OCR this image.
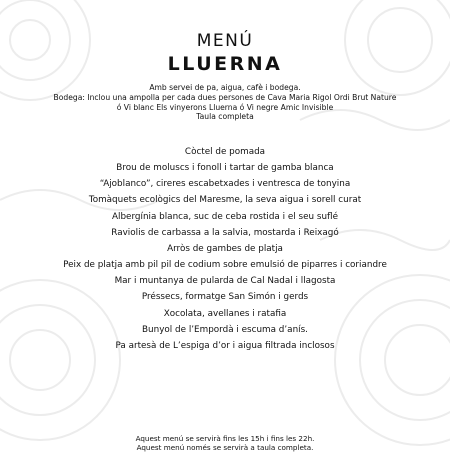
MENÚ
LLUERNA
Amb servei de pa, aigua, cafè i bodega.
Bodega: Inclou una ampolla per cada dues persones de Cava Maria Rigol Ordi Brut Nature
ó Vi blanc Els vinyerons Lluerna ó Vi negre Amic Invisible
Taula completa
Còctel de pomada
Brou de moluscs i fonoll i tartar de gamba blanca
“Ajoblanco”, cireres escabetxades i ventresca de tonyina
Tomàquets ecològics del Maresme, la seva aigua i sorell curat
Albergínia blanca, suc de ceba rostida i el seu suflé
Raviolis de carbassa a la salvia, mostarda i Reixagó
Arròs de gambes de platja
Peix de platja amb pil pil de codium sobre emulsió de piparres i coriandre
Mar i muntanya de pularda de Cal Nadal i llagosta
Préssecs, formatge San Simón i gerds
Xocolata, avellanes i ratafia
Bunyol de l’Empordà i escuma d’anís.
Pa artesà de L’espiga d’or i aigua filtrada inclosos
Aquest menú se servirà fins les 15h i fins les 22h.
Aquest menú només se servirà a taula completa.
